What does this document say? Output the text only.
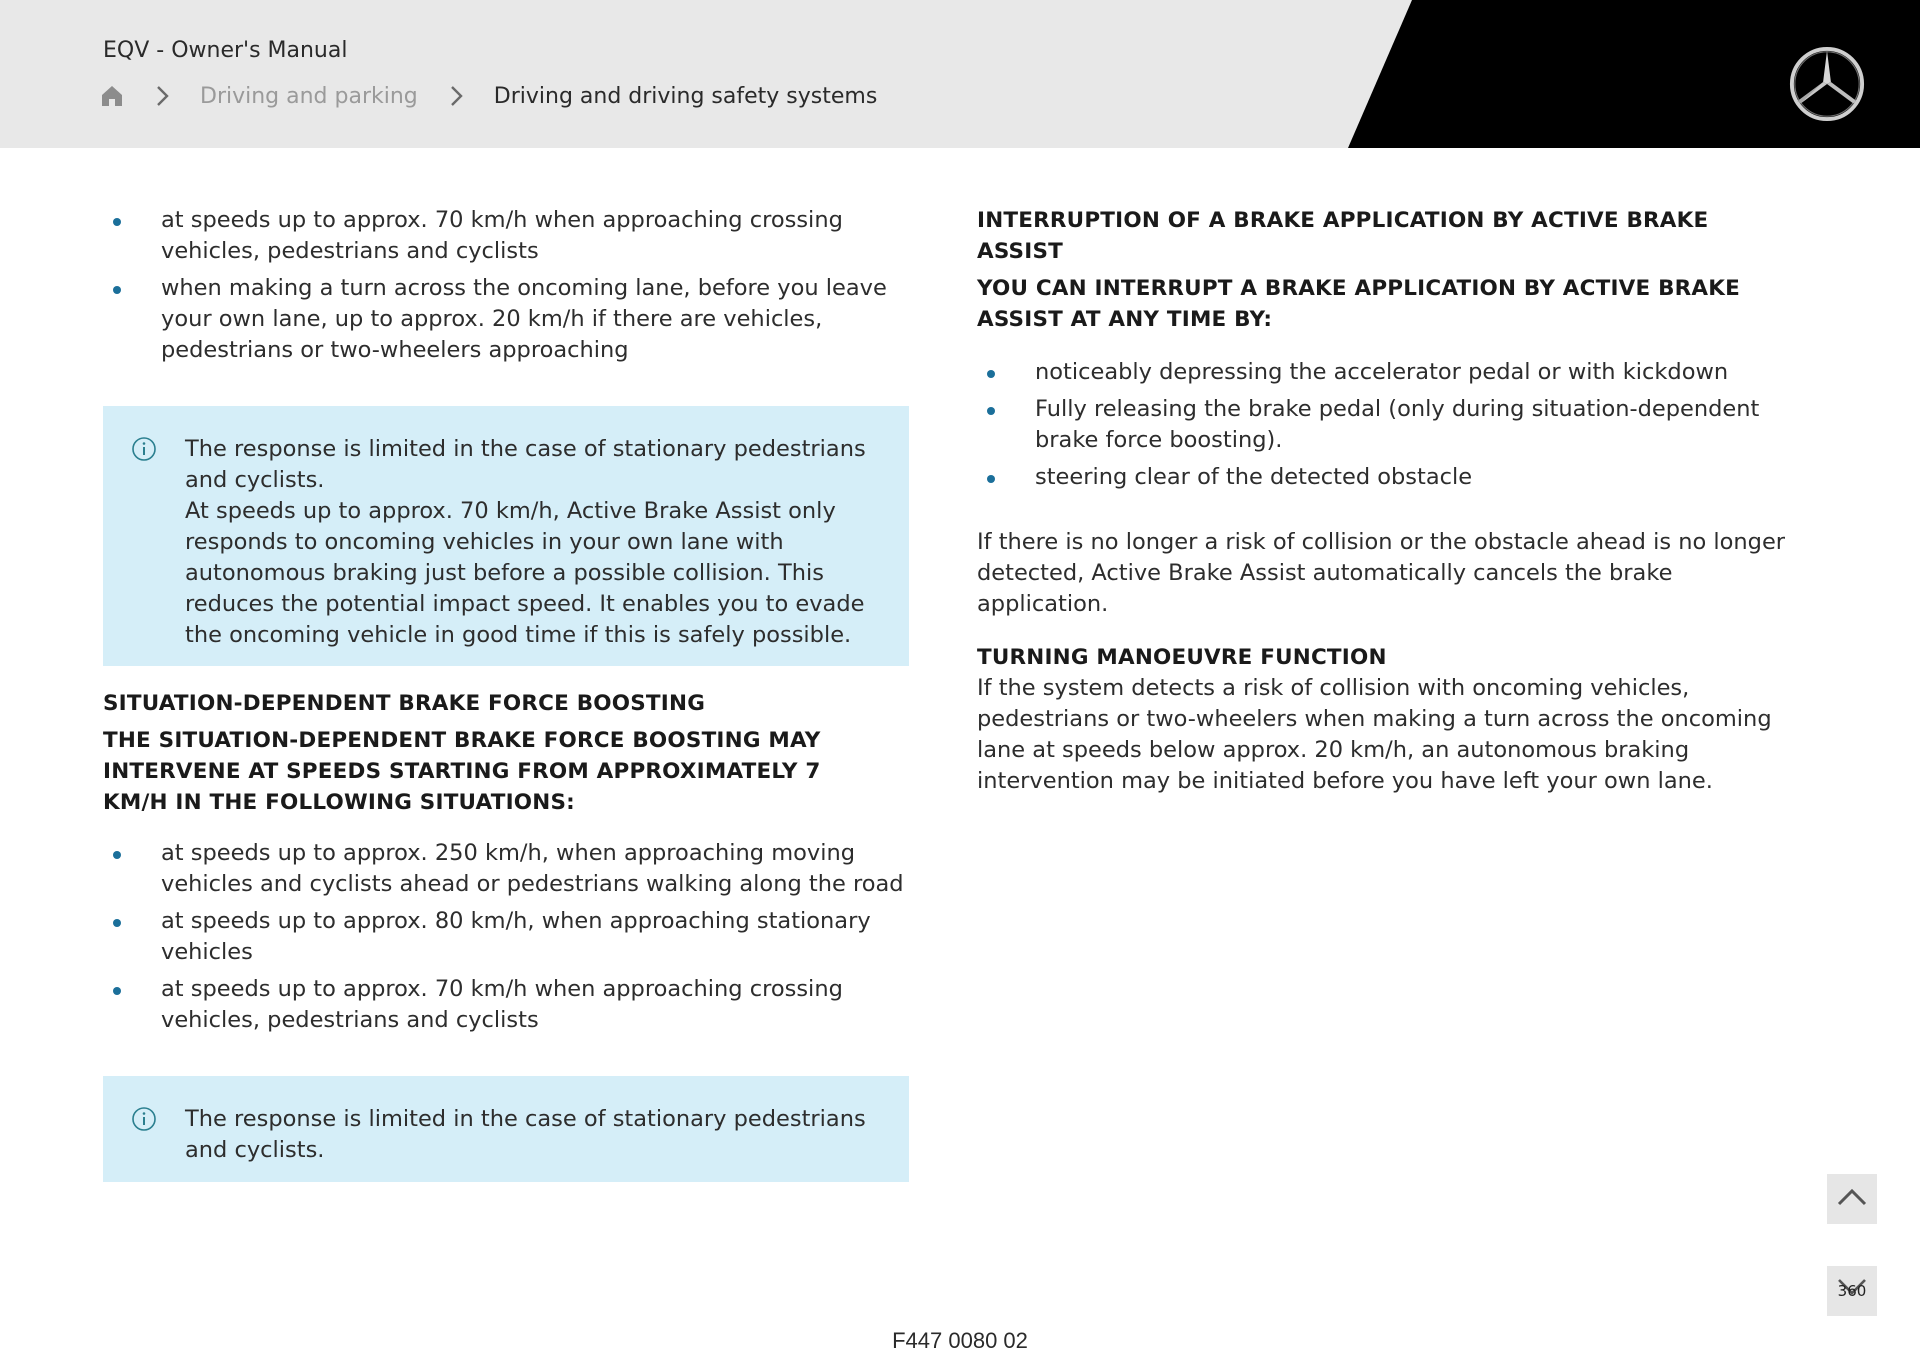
EQV - Owner's Manual
Driving and parking	Driving and driving safety systems
at speeds up to approx. 70 km/h when approaching crossing vehicles, pedestrians and cyclists
when making a turn across the oncoming lane, before you leave your own lane, up to approx. 20 km/h if there are vehicles, pedestrians or two-wheelers approaching
The response is limited in the case of stationary pedestrians and cyclists.
At speeds up to approx. 70 km/h, Active Brake Assist only responds to oncoming vehicles in your own lane with autonomous braking just before a possible collision. This reduces the potential impact speed. It enables you to evade the oncoming vehicle in good time if this is safely possible.
SITUATION-DEPENDENT BRAKE FORCE BOOSTING
THE SITUATION-DEPENDENT BRAKE FORCE BOOSTING MAY INTERVENE AT SPEEDS STARTING FROM APPROXIMATELY 7 KM/H IN THE FOLLOWING SITUATIONS:
at speeds up to approx. 250 km/h, when approaching moving vehicles and cyclists ahead or pedestrians walking along the road
at speeds up to approx. 80 km/h, when approaching stationary vehicles
at speeds up to approx. 70 km/h when approaching crossing vehicles, pedestrians and cyclists
The response is limited in the case of stationary pedestrians and cyclists.
INTERRUPTION OF A BRAKE APPLICATION BY ACTIVE BRAKE ASSIST
YOU CAN INTERRUPT A BRAKE APPLICATION BY ACTIVE BRAKE ASSIST AT ANY TIME BY:
noticeably depressing the accelerator pedal or with kickdown
Fully releasing the brake pedal (only during situation-dependent brake force boosting).
steering clear of the detected obstacle
If there is no longer a risk of collision or the obstacle ahead is no longer detected, Active Brake Assist automatically cancels the brake application.
TURNING MANOEUVRE FUNCTION
If the system detects a risk of collision with oncoming vehicles, pedestrians or two-wheelers when making a turn across the oncoming lane at speeds below approx. 20 km/h, an autonomous braking intervention may be initiated before you have left your own lane.
360
F447 0080 02
